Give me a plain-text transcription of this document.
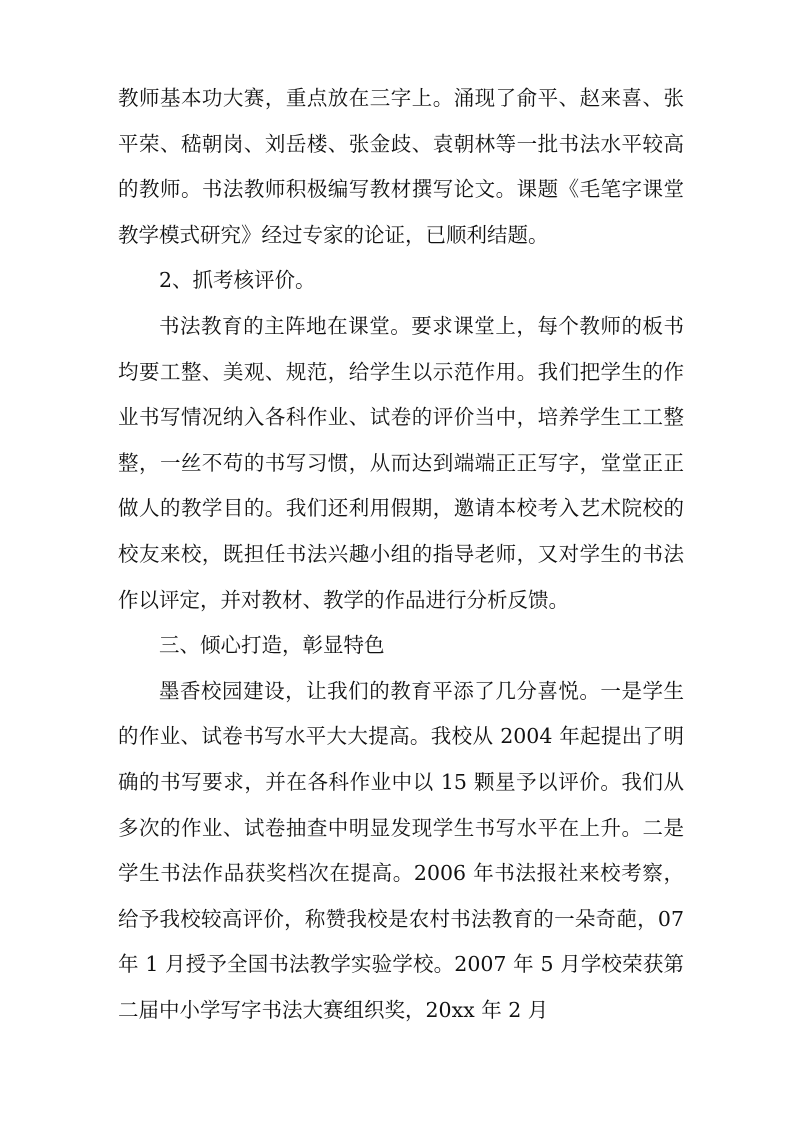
教师基本功大赛，重点放在三字上。涌现了俞平、赵来喜、张平荣、嵇朝岗、刘岳楼、张金歧、袁朝林等一批书法水平较高的教师。书法教师积极编写教材撰写论文。课题《毛笔字课堂教学模式研究》经过专家的论证，已顺利结题。

2、抓考核评价。

书法教育的主阵地在课堂。要求课堂上，每个教师的板书均要工整、美观、规范，给学生以示范作用。我们把学生的作业书写情况纳入各科作业、试卷的评价当中，培养学生工工整整，一丝不苟的书写习惯，从而达到端端正正写字，堂堂正正做人的教学目的。我们还利用假期，邀请本校考入艺术院校的校友来校，既担任书法兴趣小组的指导老师，又对学生的书法作以评定，并对教材、教学的作品进行分析反馈。

三、倾心打造，彰显特色

墨香校园建设，让我们的教育平添了几分喜悦。一是学生的作业、试卷书写水平大大提高。我校从 2004 年起提出了明确的书写要求，并在各科作业中以 15 颗星予以评价。我们从多次的作业、试卷抽查中明显发现学生书写水平在上升。二是学生书法作品获奖档次在提高。2006 年书法报社来校考察，给予我校较高评价，称赞我校是农村书法教育的一朵奇葩，07 年 1 月授予全国书法教学实验学校。2007 年 5 月学校荣获第二届中小学写字书法大赛组织奖，20xx 年 2 月
